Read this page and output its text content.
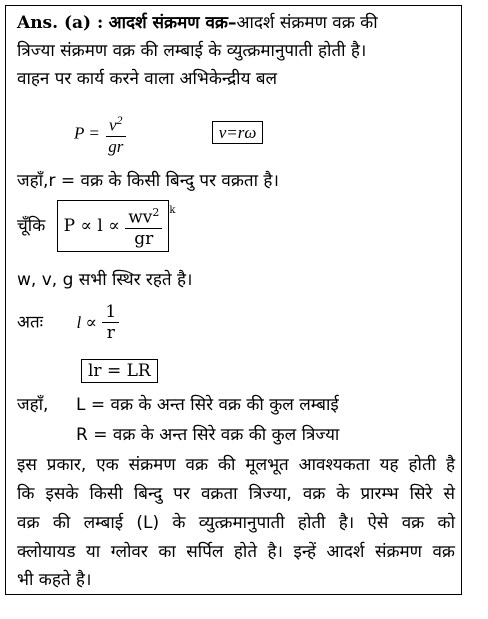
Ans. (a) : आदर्श संक्रमण वक्र–आदर्श संक्रमण वक्र की
त्रिज्या संक्रमण वक्र की लम्बाई के व्युत्क्रमानुपाती होती है।
वाहन पर कार्य करने वाला अभिकेन्द्रीय बल
$P = \frac{v^2}{gr}$	v=rω
जहाँ,r = वक्र के किसी बिन्दु पर वक्रता है।
चूँकि $P \propto l \propto \frac{wv^2}{gr} ^k$
w, v, g सभी स्थिर रहते है।
अतः $l \propto \frac{1}{r}$
lr = LR
जहाँ, L = वक्र के अन्त सिरे वक्र की कुल लम्बाई
R = वक्र के अन्त सिरे वक्र की कुल त्रिज्या
इस प्रकार, एक संक्रमण वक्र की मूलभूत आवश्यकता यह होती है
कि इसके किसी बिन्दु पर वक्रता त्रिज्या, वक्र के प्रारम्भ सिरे से
वक्र की लम्बाई (L) के व्युत्क्रमानुपाती होती है। ऐसे वक्र को
क्लोयायड या ग्लोवर का सर्पिल होते है। इन्हें आदर्श संक्रमण वक्र
भी कहते है।
